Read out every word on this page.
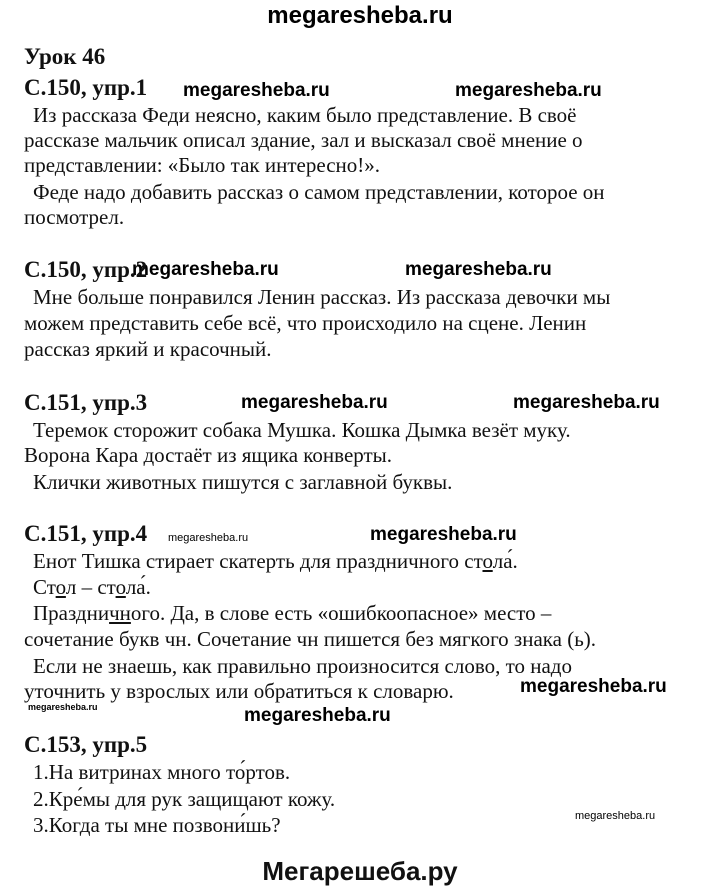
megaresheba.ru
megaresheba.ru	megaresheba.ru
megaresheba.ru	megaresheba.ru
megaresheba.ru	megaresheba.ru
megaresheba.ru	megaresheba.ru
megaresheba.ru
megaresheba.ru	megaresheba.ru
megaresheba.ru
Урок 46
С.150, упр.1
Из рассказа Феди неясно, каким было представление. В своё
рассказе мальчик описал здание, зал и высказал своё мнение о
представлении: «Было так интересно!».
Феде надо добавить рассказ о самом представлении, которое он
посмотрел.
С.150, упр.2
Мне больше понравился Ленин рассказ. Из рассказа девочки мы
можем представить себе всё, что происходило на сцене. Ленин
рассказ яркий и красочный.
С.151, упр.3
Теремок сторожит собака Мушка. Кошка Дымка везёт муку.
Ворона Кара достаёт из ящика конверты.
Клички животных пишутся с заглавной буквы.
С.151, упр.4
Енот Тишка стирает скатерть для праздничного стола́.
Стол – стола́.
Праздничного. Да, в слове есть «ошибкоопасное» место –
сочетание букв чн. Сочетание чн пишется без мягкого знака (ь).
Если не знаешь, как правильно произносится слово, то надо
уточнить у взрослых или обратиться к словарю.
С.153, упр.5
1.На витринах много то́ртов.
2.Кре́мы для рук защищают кожу.
3.Когда ты мне позвони́шь?
Мегарешеба.ру
